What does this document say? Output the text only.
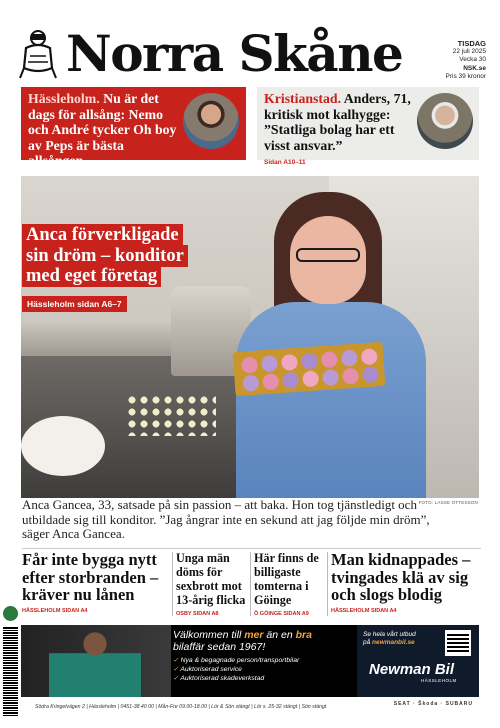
Norra Skåne	TISDAG
22 juli 2025
Vecka 30
NSK.se
Pris 39 kronor
Hässleholm. Nu är det dags för allsång: Nemo och André tycker Oh boy av Peps är bästa allsången.
Kristianstad. Anders, 71, kritisk mot kalhygge: ”Statliga bolag har ett visst ansvar.”
Sidan A10–11
Anca förverkligade
sin dröm – konditor
med eget företag
Hässleholm sidan A6–7
Anca Gancea, 33, satsade på sin passion – att baka. Hon tog tjänstledigt och utbildade sig till konditor. ”Jag ångrar inte en sekund att jag följde min dröm”, säger Anca Gancea.
FOTO: LASSE OTTESSON
Får inte bygga nytt efter storbranden – kräver nu lånen
HÄSSLEHOLM SIDAN A4
Unga män döms för sexbrott mot 13-årig flicka
OSBY SIDAN A8
Här finns de billigaste tomterna i Göinge
Ö GÖINGE SIDAN A9
Man kidnappades – tvingades klä av sig och slogs blodig
HÄSSLEHOLM SIDAN A4
Välkommen till mer än en bra
bilaffär sedan 1967!
✓ Nya & begagnade person/transportbilar
✓ Auktoriserad service
✓ Auktoriserad skadeverkstad
Se hela vårt utbud
på newmanbil.se
Newman Bil
HÄSSLEHOLM
Södra Kringelvägen 2 | Hässleholm | 0451-38 40 00 | Mån-Fre 09.00-18.00 | Lör & Sön stängt | Lör s. 25-32 stängt | Sön stängt	SEAT · Škoda · SUBARU
